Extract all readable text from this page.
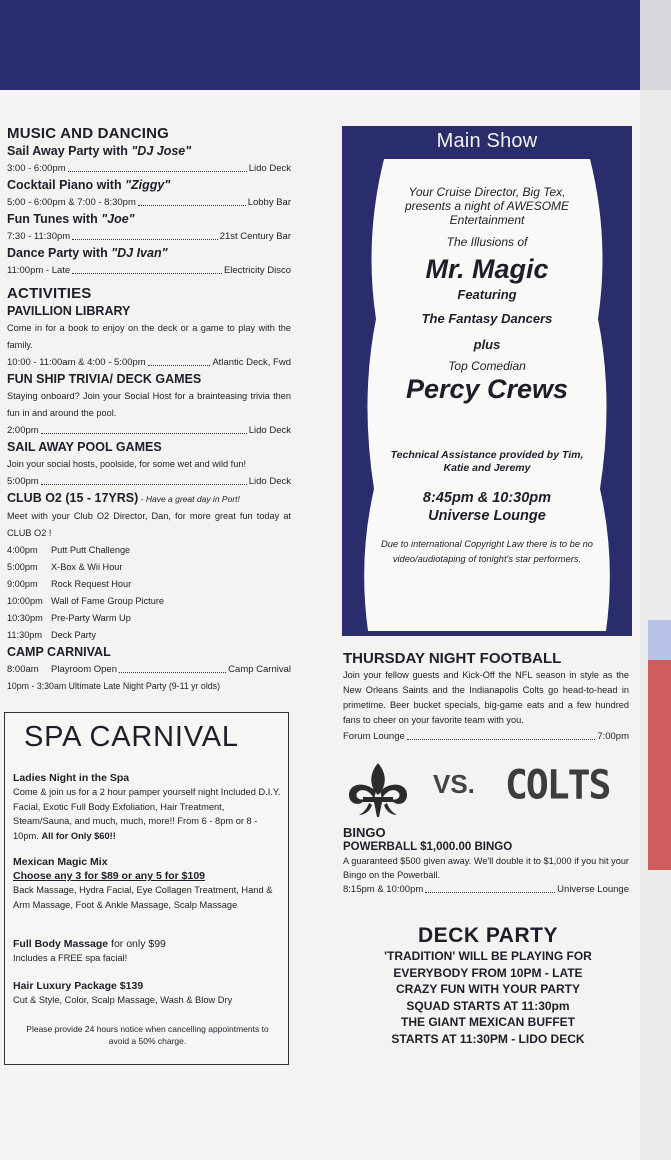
MUSIC AND DANCING
Sail Away Party with "DJ Jose"
3:00 - 6:00pm	Lido Deck
Cocktail Piano with "Ziggy"
5:00 - 6:00pm & 7:00 - 8:30pm	Lobby Bar
Fun Tunes with "Joe"
7:30 - 11:30pm	21st Century Bar
Dance Party with "DJ Ivan"
11:00pm - Late	Electricity Disco
ACTIVITIES
PAVILLION LIBRARY

Come in for a book to enjoy on the deck or a game to play with the family.

10:00 - 11:00am & 4:00 - 5:00pm	Atlantic Deck, Fwd
FUN SHIP TRIVIA/ DECK GAMES

Staying onboard? Join your Social Host for a brainteasing trivia then fun in and around the pool.

2:00pm	Lido Deck
SAIL AWAY POOL GAMES

Join your social hosts, poolside, for some wet and wild fun!

5:00pm	Lido Deck
CLUB O2 (15 - 17YRS) - Have a great day in Port!

Meet with your Club O2 Director, Dan, for more great fun today at CLUB O2 !

4:00pm	Putt Putt Challenge
5:00pm	X-Box & Wii Hour
9:00pm	Rock Request Hour
10:00pm Wall of Fame Group Picture
10:30pm Pre-Party Warm Up
11:30pm Deck Party
CAMP CARNIVAL
8:00am	Playroom Open	Camp Carnival
10pm - 3:30am Ultimate Late Night Party (9-11 yr olds)
SPA CARNIVAL
Ladies Night in the Spa
Come & join us for a 2 hour pamper yourself night Included D.I.Y. Facial, Exotic Full Body Exfoliation, Hair Treatment, Steam/Sauna, and much, much, more!! From 6 - 8pm or 8 - 10pm. All for Only $60!!
Mexican Magic Mix
Choose any 3 for $89 or any 5 for $109
Back Massage, Hydra Facial, Eye Collagen Treatment, Hand & Arm Massage, Foot & Ankle Massage, Scalp Massage
Full Body Massage for only $99
Includes a FREE spa facial!
Hair Luxury Package $139
Cut & Style, Color, Scalp Massage, Wash & Blow Dry
Please provide 24 hours notice when cancelling appointments to avoid a 50% charge.
Main Show
Your Cruise Director, Big Tex, presents a night of AWESOME Entertainment
The Illusions of
Mr. Magic
Featuring
The Fantasy Dancers
plus
Top Comedian
Percy Crews
Technical Assistance provided by Tim, Katie and Jeremy
8:45pm & 10:30pm
Universe Lounge
Due to international Copyright Law there is to be no video/audiotaping of tonight's star performers.
THURSDAY NIGHT FOOTBALL

Join your fellow guests and Kick-Off the NFL season in style as the New Orleans Saints and the Indianapolis Colts go head-to-head in primetime. Beer bucket specials, big-game eats and a few hundred fans to cheer on your favorite team with you.

Forum Lounge	7:00pm
VS. COLTS
BINGO
POWERBALL $1,000.00 BINGO

A guaranteed $500 given away. We'll double it to $1,000 if you hit your Bingo on the Powerball.

8:15pm & 10:00pm	Universe Lounge
DECK PARTY
'TRADITION' WILL BE PLAYING FOR
EVERYBODY FROM 10PM - LATE
CRAZY FUN WITH YOUR PARTY
SQUAD STARTS AT 11:30pm
THE GIANT MEXICAN BUFFET
STARTS AT 11:30PM - LIDO DECK
